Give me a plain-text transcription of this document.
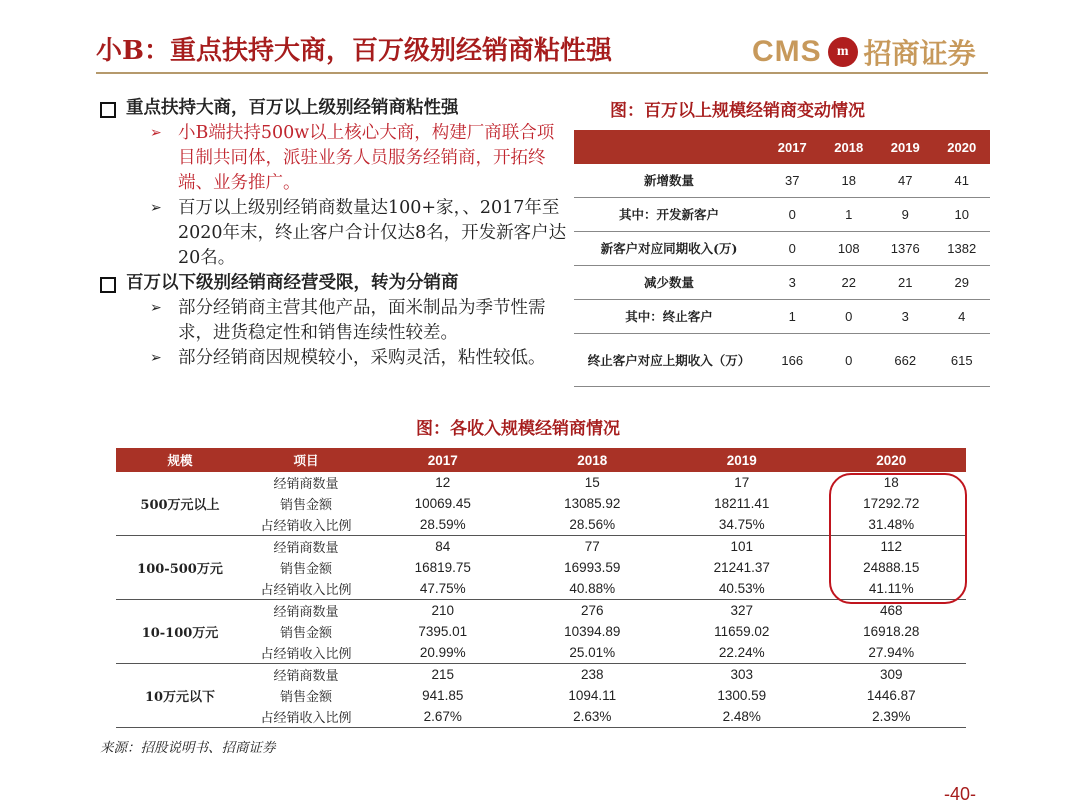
小B：重点扶持大商，百万级别经销商粘性强	CMS	m 招商证券
重点扶持大商，百万以上级别经销商粘性强
➢ 小B端扶持500w以上核心大商，构建厂商联合项目制共同体，派驻业务人员服务经销商，开拓终端、业务推广。
➢ 百万以上级别经销商数量达100+家，、2017年至2020年末，终止客户合计仅达8名，开发新客户达20名。
百万以下级别经销商经营受限，转为分销商
➢ 部分经销商主营其他产品，面米制品为季节性需求，进货稳定性和销售连续性较差。
➢ 部分经销商因规模较小，采购灵活，粘性较低。
图：百万以上规模经销商变动情况
	2017	2018	2019	2020
新增数量	37	18	47	41
其中：开发新客户	0	1	9	10
新客户对应同期收入(万)	0	108	1376	1382
减少数量	3	22	21	29
其中：终止客户	1	0	3	4
终止客户对应上期收入（万）	166	0	662	615
图：各收入规模经销商情况
规模	项目	2017	2018	2019	2020
500万元以上	经销商数量	12	15	17	18
	销售金额	10069.45	13085.92	18211.41	17292.72
	占经销收入比例	28.59%	28.56%	34.75%	31.48%
100-500万元	经销商数量	84	77	101	112
	销售金额	16819.75	16993.59	21241.37	24888.15
	占经销收入比例	47.75%	40.88%	40.53%	41.11%
10-100万元	经销商数量	210	276	327	468
	销售金额	7395.01	10394.89	11659.02	16918.28
	占经销收入比例	20.99%	25.01%	22.24%	27.94%
10万元以下	经销商数量	215	238	303	309
	销售金额	941.85	1094.11	1300.59	1446.87
	占经销收入比例	2.67%	2.63%	2.48%	2.39%
来源：招股说明书、招商证券
-40-
